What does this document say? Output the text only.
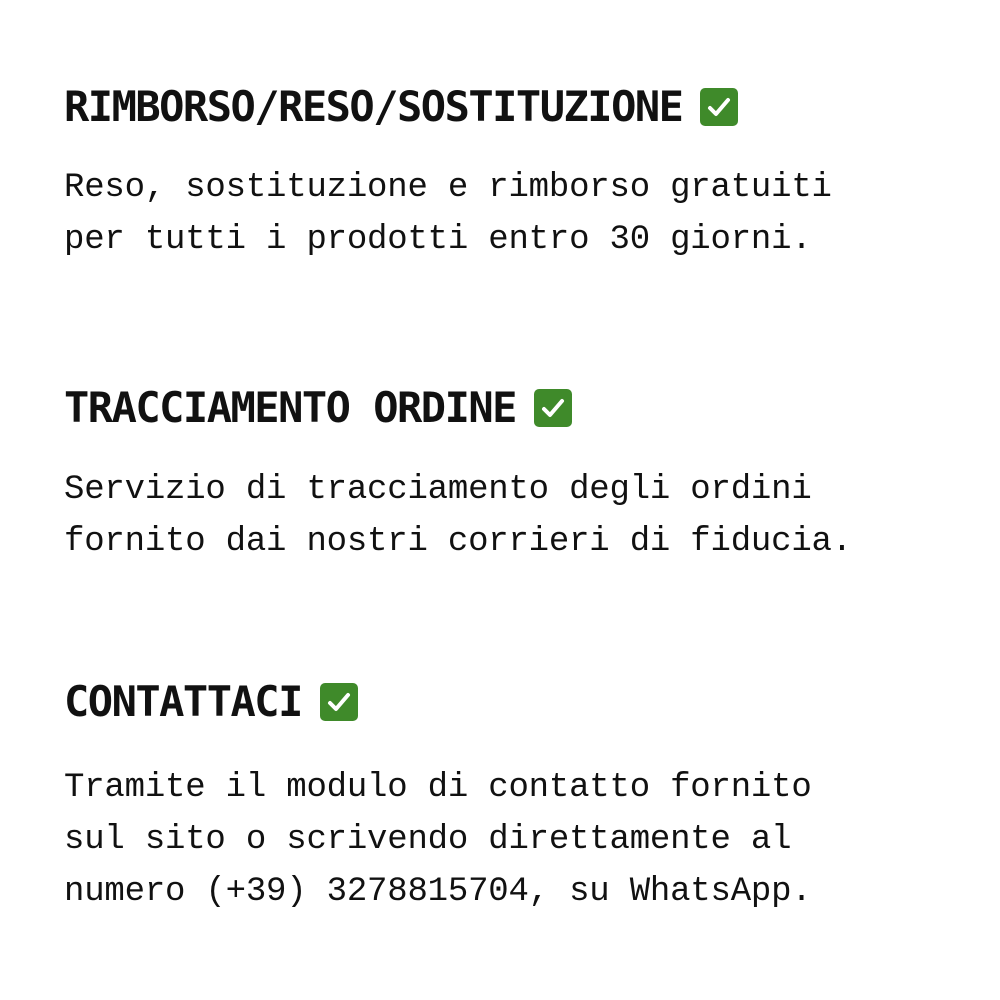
RIMBORSO/RESO/SOSTITUZIONE

Reso, sostituzione e rimborso gratuiti
per tutti i prodotti entro 30 giorni.

TRACCIAMENTO ORDINE

Servizio di tracciamento degli ordini
fornito dai nostri corrieri di fiducia.

CONTATTACI

Tramite il modulo di contatto fornito
sul sito o scrivendo direttamente al
numero (+39) 3278815704, su WhatsApp.
